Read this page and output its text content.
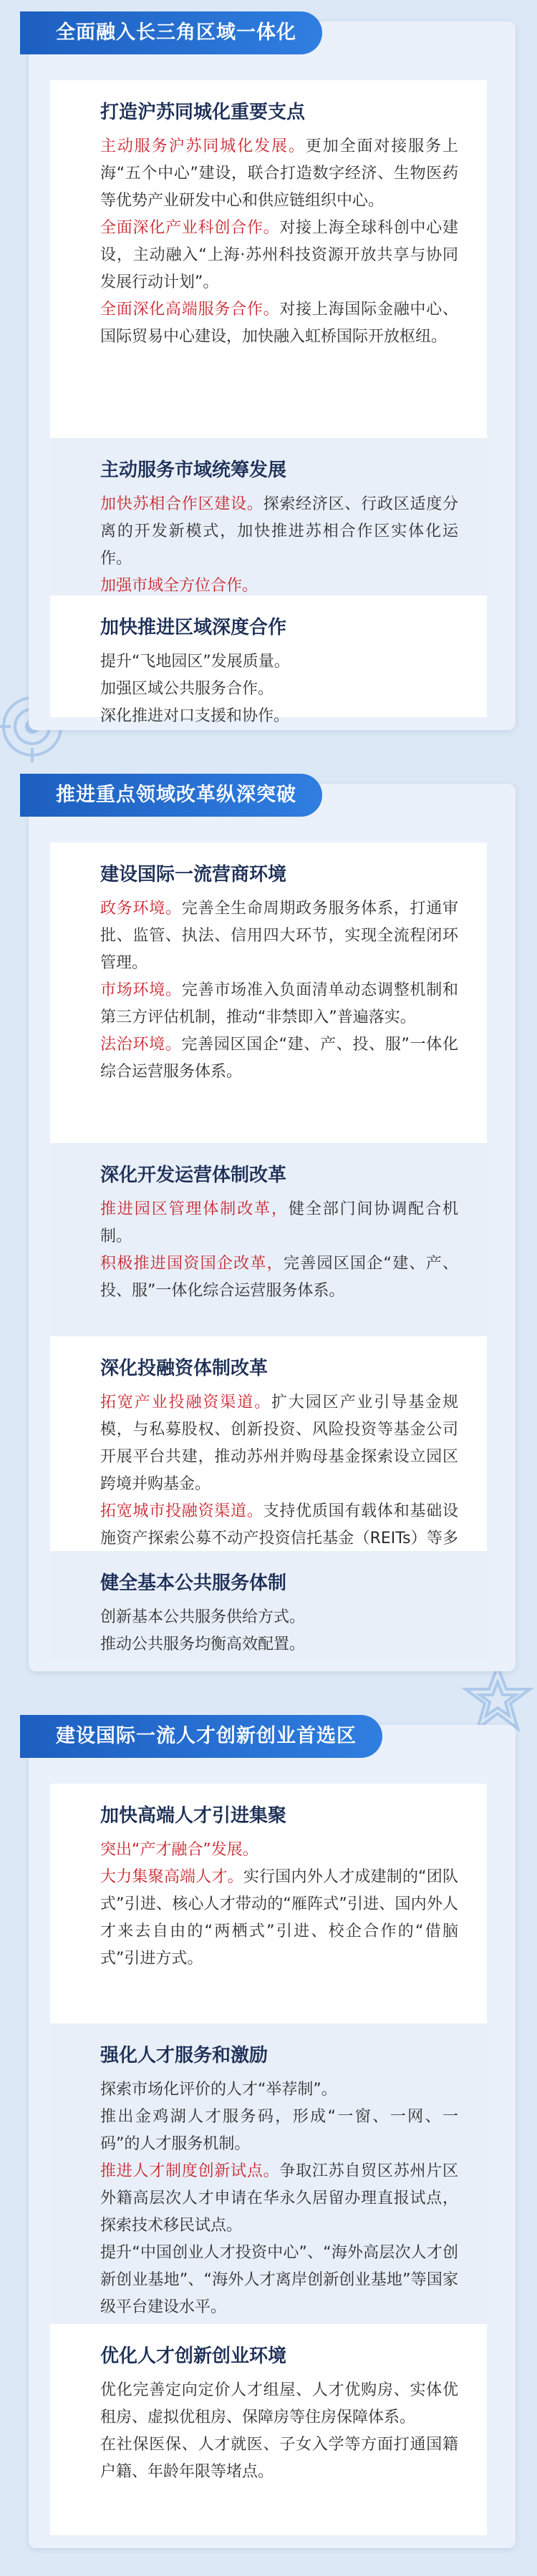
全面融入长三角区域一体化
打造沪苏同城化重要支点

主动服务沪苏同城化发展。更加全面对接服务上海“五个中心”建设，联合打造数字经济、生物医药等优势产业研发中心和供应链组织中心。

全面深化产业科创合作。对接上海全球科创中心建设，主动融入“上海·苏州科技资源开放共享与协同发展行动计划”。

全面深化高端服务合作。对接上海国际金融中心、国际贸易中心建设，加快融入虹桥国际开放枢纽。

主动服务市域统筹发展

加快苏相合作区建设。探索经济区、行政区适度分离的开发新模式，加快推进苏相合作区实体化运作。

加强市域全方位合作。

加快推进区域深度合作

提升“飞地园区”发展质量。

加强区域公共服务合作。

深化推进对口支援和协作。

推进重点领域改革纵深突破
建设国际一流营商环境

政务环境。完善全生命周期政务服务体系，打通审批、监管、执法、信用四大环节，实现全流程闭环管理。

市场环境。完善市场准入负面清单动态调整机制和第三方评估机制，推动“非禁即入”普遍落实。

法治环境。完善园区国企“建、产、投、服”一体化综合运营服务体系。

深化开发运营体制改革

推进园区管理体制改革，健全部门间协调配合机制。

积极推进国资国企改革，完善园区国企“建、产、投、服”一体化综合运营服务体系。

深化投融资体制改革

拓宽产业投融资渠道。扩大园区产业引导基金规模，与私募股权、创新投资、风险投资等基金公司开展平台共建，推动苏州并购母基金探索设立园区跨境并购基金。

拓宽城市投融资渠道。支持优质国有载体和基础设施资产探索公募不动产投资信托基金（REITs）等多

健全基本公共服务体制

创新基本公共服务供给方式。

推动公共服务均衡高效配置。

建设国际一流人才创新创业首选区
加快高端人才引进集聚

突出“产才融合”发展。

大力集聚高端人才。实行国内外人才成建制的“团队式”引进、核心人才带动的“雁阵式”引进、国内外人才来去自由的“两栖式”引进、校企合作的“借脑式”引进方式。

强化人才服务和激励

探索市场化评价的人才“举荐制”。

推出金鸡湖人才服务码，形成“一窗、一网、一码”的人才服务机制。

推进人才制度创新试点。争取江苏自贸区苏州片区外籍高层次人才申请在华永久居留办理直报试点，探索技术移民试点。

提升“中国创业人才投资中心”、“海外高层次人才创新创业基地”、“海外人才离岸创新创业基地”等国家级平台建设水平。

优化人才创新创业环境

优化完善定向定价人才组屋、人才优购房、实体优租房、虚拟优租房、保障房等住房保障体系。

在社保医保、人才就医、子女入学等方面打通国籍户籍、年龄年限等堵点。
